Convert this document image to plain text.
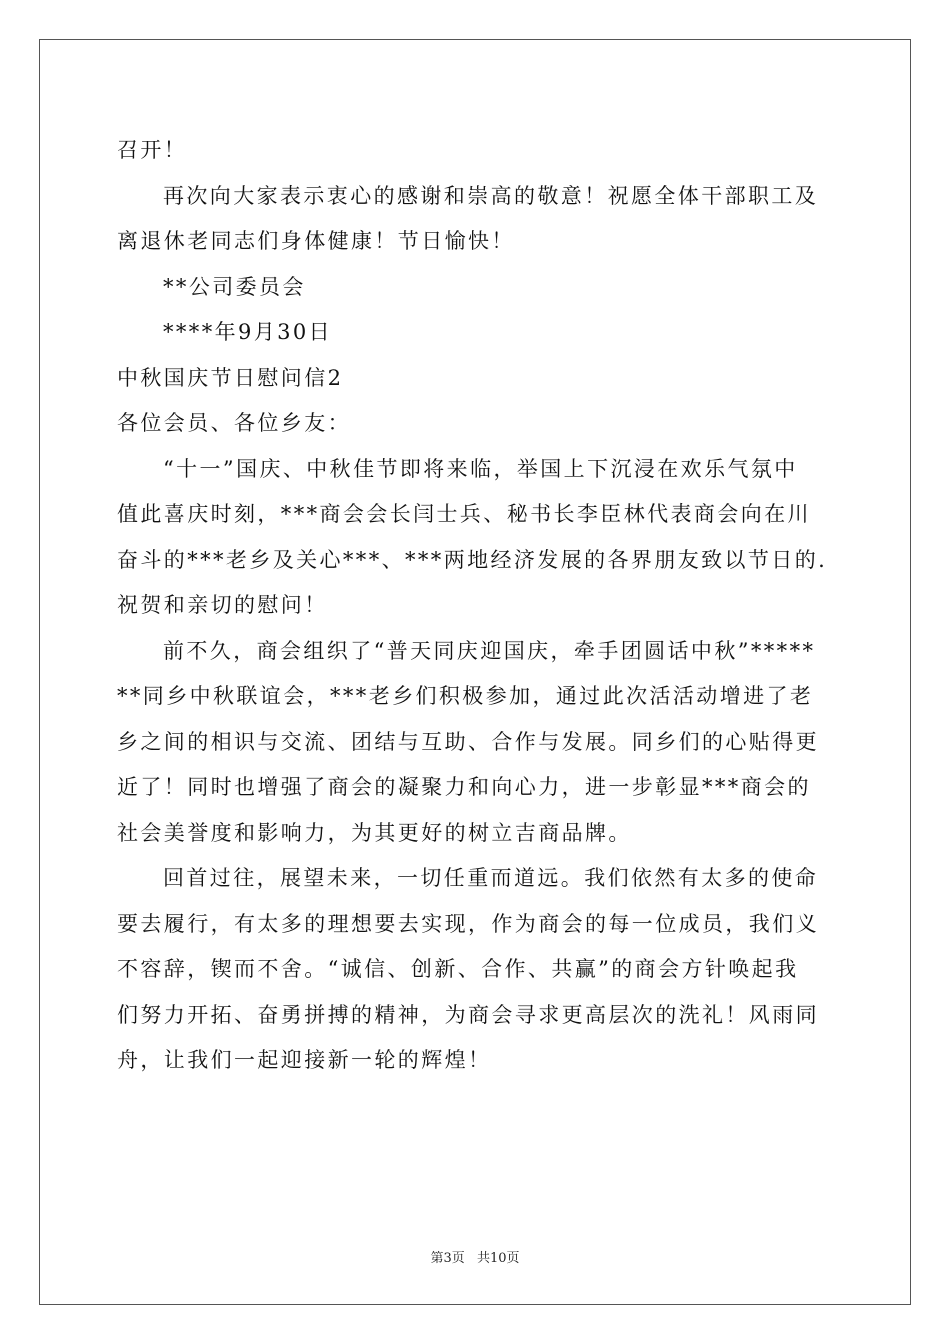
召开！
再次向大家表示衷心的感谢和崇高的敬意！祝愿全体干部职工及
离退休老同志们身体健康！节日愉快！
**公司委员会
****年9月30日
中秋国庆节日慰问信2
各位会员、各位乡友：
“十一”国庆、中秋佳节即将来临，举国上下沉浸在欢乐气氛中
值此喜庆时刻，***商会会长闫士兵、秘书长李臣林代表商会向在川
奋斗的***老乡及关心***、***两地经济发展的各界朋友致以节日的.
祝贺和亲切的慰问！
前不久，商会组织了“普天同庆迎国庆，牵手团圆话中秋”*****
**同乡中秋联谊会，***老乡们积极参加，通过此次活活动增进了老
乡之间的相识与交流、团结与互助、合作与发展。同乡们的心贴得更
近了！同时也增强了商会的凝聚力和向心力，进一步彰显***商会的
社会美誉度和影响力，为其更好的树立吉商品牌。
回首过往，展望未来，一切任重而道远。我们依然有太多的使命
要去履行，有太多的理想要去实现，作为商会的每一位成员，我们义
不容辞，锲而不舍。“诚信、创新、合作、共赢”的商会方针唤起我
们努力开拓、奋勇拼搏的精神，为商会寻求更高层次的洗礼！风雨同
舟，让我们一起迎接新一轮的辉煌！
第3页 共10页
